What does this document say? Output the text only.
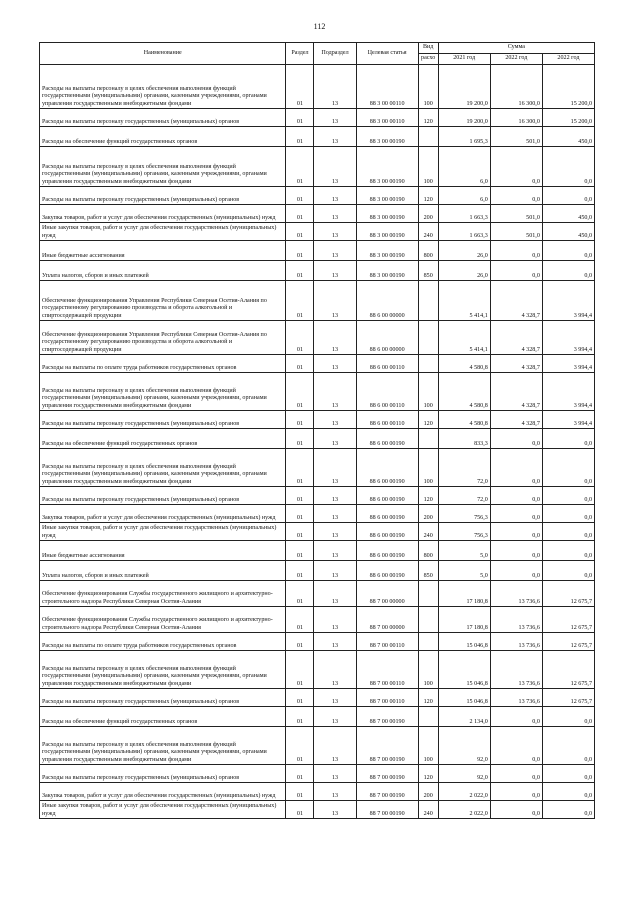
112
Наименование	Раздел	Подраздел	Целевая статья	Вид	Сумма		
				расхо	2021 год	2022 год	2022 год
Расходы на выплаты персоналу в целях обеспечения выполнения функций государственными (муниципальными) органами, казенными учреждениями, органами управления государственными внебюджетными фондами	01	13	88 3 00 00110	100	19 200,0	16 300,0	15 200,0
Расходы на выплаты персоналу государственных (муниципальных) органов	01	13	88 3 00 00110	120	19 200,0	16 300,0	15 200,0
Расходы на обеспечение функций государственных органов	01	13	88 3 00 00190		1 695,3	501,0	450,0
Расходы на выплаты персоналу в целях обеспечения выполнения функций государственными (муниципальными) органами, казенными учреждениями, органами управления государственными внебюджетными фондами	01	13	88 3 00 00190	100	6,0	0,0	0,0
Расходы на выплаты персоналу государственных (муниципальных) органов	01	13	88 3 00 00190	120	6,0	0,0	0,0
Закупка товаров, работ и услуг для обеспечения государственных (муниципальных) нужд	01	13	88 3 00 00190	200	1 663,3	501,0	450,0
Иные закупки товаров, работ и услуг для обеспечения государственных (муниципальных) нужд	01	13	88 3 00 00190	240	1 663,3	501,0	450,0
Иные бюджетные ассигнования	01	13	88 3 00 00190	800	26,0	0,0	0,0
Уплата налогов, сборов и иных платежей	01	13	88 3 00 00190	850	26,0	0,0	0,0
Обеспечение функционирования Управления Республики Северная Осетия-Алания по государственному регулированию производства и оборота алкогольной и спиртосодержащей продукции	01	13	88 6 00 00000		5 414,1	4 328,7	3 994,4
Обеспечение функционирования Управления Республики Северная Осетия-Алания по государственному регулированию производства и оборота алкогольной и спиртосодержащей продукции	01	13	88 6 00 00000		5 414,1	4 328,7	3 994,4
Расходы на выплаты по оплате труда работников государственных органов	01	13	88 6 00 00110		4 580,8	4 328,7	3 994,4
Расходы на выплаты персоналу в целях обеспечения выполнения функций государственными (муниципальными) органами, казенными учреждениями, органами управления государственными внебюджетными фондами	01	13	88 6 00 00110	100	4 580,8	4 328,7	3 994,4
Расходы на выплаты персоналу государственных (муниципальных) органов	01	13	88 6 00 00110	120	4 580,8	4 328,7	3 994,4
Расходы на обеспечение функций государственных органов	01	13	88 6 00 00190		833,3	0,0	0,0
Расходы на выплаты персоналу в целях обеспечения выполнения функций государственными (муниципальными) органами, казенными учреждениями, органами управления государственными внебюджетными фондами	01	13	88 6 00 00190	100	72,0	0,0	0,0
Расходы на выплаты персоналу государственных (муниципальных) органов	01	13	88 6 00 00190	120	72,0	0,0	0,0
Закупка товаров, работ и услуг для обеспечения государственных (муниципальных) нужд	01	13	88 6 00 00190	200	756,3	0,0	0,0
Иные закупки товаров, работ и услуг для обеспечения государственных (муниципальных) нужд	01	13	88 6 00 00190	240	756,3	0,0	0,0
Иные бюджетные ассигнования	01	13	88 6 00 00190	800	5,0	0,0	0,0
Уплата налогов, сборов и иных платежей	01	13	88 6 00 00190	850	5,0	0,0	0,0
Обеспечение функционирования Службы государственного жилищного и архитектурно-строительного надзора Республики Северная Осетия-Алания	01	13	88 7 00 00000		17 180,8	13 736,6	12 675,7
Обеспечение функционирования Службы государственного жилищного и архитектурно-строительного надзора Республики Северная Осетия-Алания	01	13	88 7 00 00000		17 180,8	13 736,6	12 675,7
Расходы на выплаты по оплате труда работников государственных органов	01	13	88 7 00 00110		15 046,8	13 736,6	12 675,7
Расходы на выплаты персоналу в целях обеспечения выполнения функций государственными (муниципальными) органами, казенными учреждениями, органами управления государственными внебюджетными фондами	01	13	88 7 00 00110	100	15 046,8	13 736,6	12 675,7
Расходы на выплаты персоналу государственных (муниципальных) органов	01	13	88 7 00 00110	120	15 046,8	13 736,6	12 675,7
Расходы на обеспечение функций государственных органов	01	13	88 7 00 00190		2 134,0	0,0	0,0
Расходы на выплаты персоналу в целях обеспечения выполнения функций государственными (муниципальными) органами, казенными учреждениями, органами управления государственными внебюджетными фондами	01	13	88 7 00 00190	100	92,0	0,0	0,0
Расходы на выплаты персоналу государственных (муниципальных) органов	01	13	88 7 00 00190	120	92,0	0,0	0,0
Закупка товаров, работ и услуг для обеспечения государственных (муниципальных) нужд	01	13	88 7 00 00190	200	2 022,0	0,0	0,0
Иные закупки товаров, работ и услуг для обеспечения государственных (муниципальных) нужд	01	13	88 7 00 00190	240	2 022,0	0,0	0,0
